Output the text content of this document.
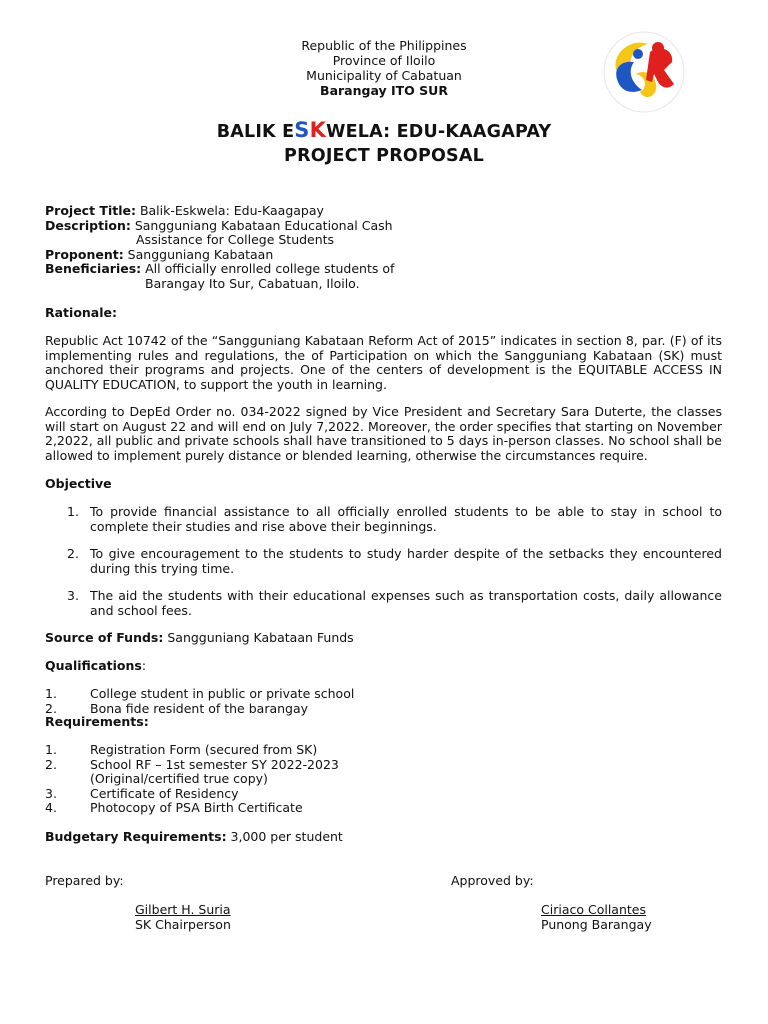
Republic of the Philippines
Province of Iloilo
Municipality of Cabatuan
Barangay ITO SUR
BALIK ESKWELA: EDU-KAAGAPAY
PROJECT PROPOSAL
Project Title: Balik-Eskwela: Edu-Kaagapay
Description: Sangguniang Kabataan Educational Cash
Assistance for College Students
Proponent: Sangguniang Kabataan
Beneficiaries: All officially enrolled college students of
Barangay Ito Sur, Cabatuan, Iloilo.
Rationale:
Republic Act 10742 of the “Sangguniang Kabataan Reform Act of 2015” indicates in section 8, par. (F) of its implementing rules and regulations, the of Participation on which the Sangguniang Kabataan (SK) must anchored their programs and projects. One of the centers of development is the EQUITABLE ACCESS IN QUALITY EDUCATION, to support the youth in learning.
According to DepEd Order no. 034-2022 signed by Vice President and Secretary Sara Duterte, the classes will start on August 22 and will end on July 7,2022. Moreover, the order specifies that starting on November 2,2022, all public and private schools shall have transitioned to 5 days in-person classes. No school shall be allowed to implement purely distance or blended learning, otherwise the circumstances require.
Objective
1. To provide financial assistance to all officially enrolled students to be able to stay in school to complete their studies and rise above their beginnings.
2. To give encouragement to the students to study harder despite of the setbacks they encountered during this trying time.
3. The aid the students with their educational expenses such as transportation costs, daily allowance and school fees.
Source of Funds: Sangguniang Kabataan Funds
Qualifications:
1.	College student in public or private school
2.	Bona fide resident of the barangay
Requirements:
1.	Registration Form (secured from SK)
2.	School RF – 1st semester SY 2022-2023
(Original/certified true copy)
3.	Certificate of Residency
4.	Photocopy of PSA Birth Certificate
Budgetary Requirements: 3,000 per student
Prepared by:	Approved by:
Gilbert H. Suria
SK Chairperson
Ciriaco Collantes
Punong Barangay
